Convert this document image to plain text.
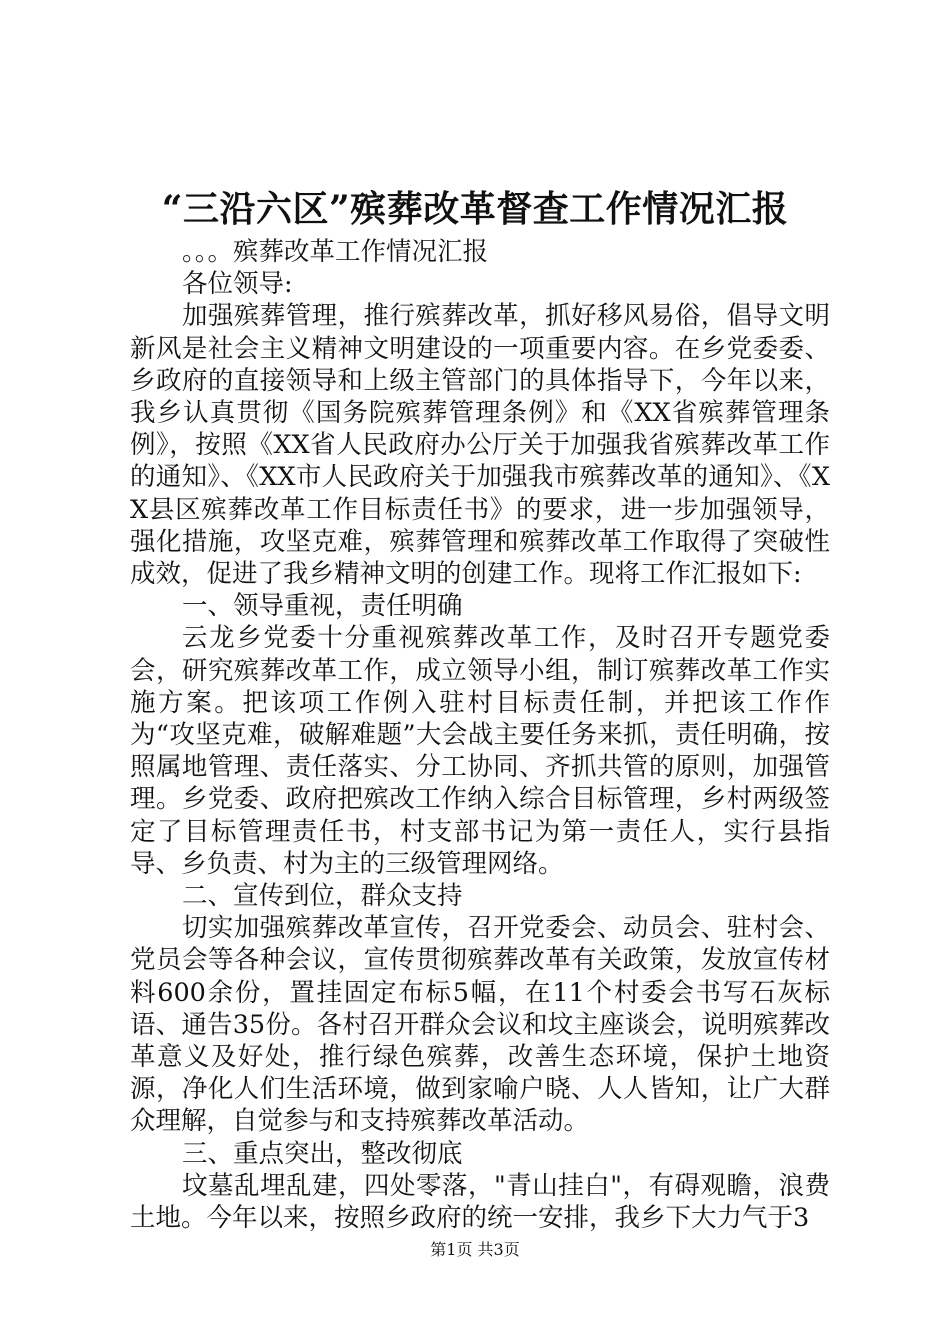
“三沿六区”殡葬改革督查工作情况汇报

。。。殡葬改革工作情况汇报

各位领导:

加强殡葬管理，推行殡葬改革，抓好移风易俗，倡导文明新风是社会主义精神文明建设的一项重要内容。在乡党委委、乡政府的直接领导和上级主管部门的具体指导下，今年以来，我乡认真贯彻《国务院殡葬管理条例》和《XX省殡葬管理条例》，按照《XX省人民政府办公厅关于加强我省殡葬改革工作的通知》、《XX市人民政府关于加强我市殡葬改革的通知》、《XX县区殡葬改革工作目标责任书》的要求，进一步加强领导，强化措施，攻坚克难，殡葬管理和殡葬改革工作取得了突破性成效，促进了我乡精神文明的创建工作。现将工作汇报如下:

一、领导重视，责任明确

云龙乡党委十分重视殡葬改革工作，及时召开专题党委会，研究殡葬改革工作，成立领导小组，制订殡葬改革工作实施方案。把该项工作例入驻村目标责任制，并把该工作作为“攻坚克难，破解难题”大会战主要任务来抓，责任明确，按照属地管理、责任落实、分工协同、齐抓共管的原则，加强管理。乡党委、政府把殡改工作纳入综合目标管理，乡村两级签定了目标管理责任书，村支部书记为第一责任人，实行县指导、乡负责、村为主的三级管理网络。

二、宣传到位，群众支持

切实加强殡葬改革宣传，召开党委会、动员会、驻村会、党员会等各种会议，宣传贯彻殡葬改革有关政策，发放宣传材料600余份，置挂固定布标5幅，在11个村委会书写石灰标语、通告35份。各村召开群众会议和坟主座谈会，说明殡葬改革意义及好处，推行绿色殡葬，改善生态环境，保护土地资源，净化人们生活环境，做到家喻户晓、人人皆知，让广大群众理解，自觉参与和支持殡葬改革活动。

三、重点突出，整改彻底

坟墓乱埋乱建，四处零落，"青山挂白"，有碍观瞻，浪费土地。今年以来，按照乡政府的统一安排，我乡下大力气于3

第1页 共3页
